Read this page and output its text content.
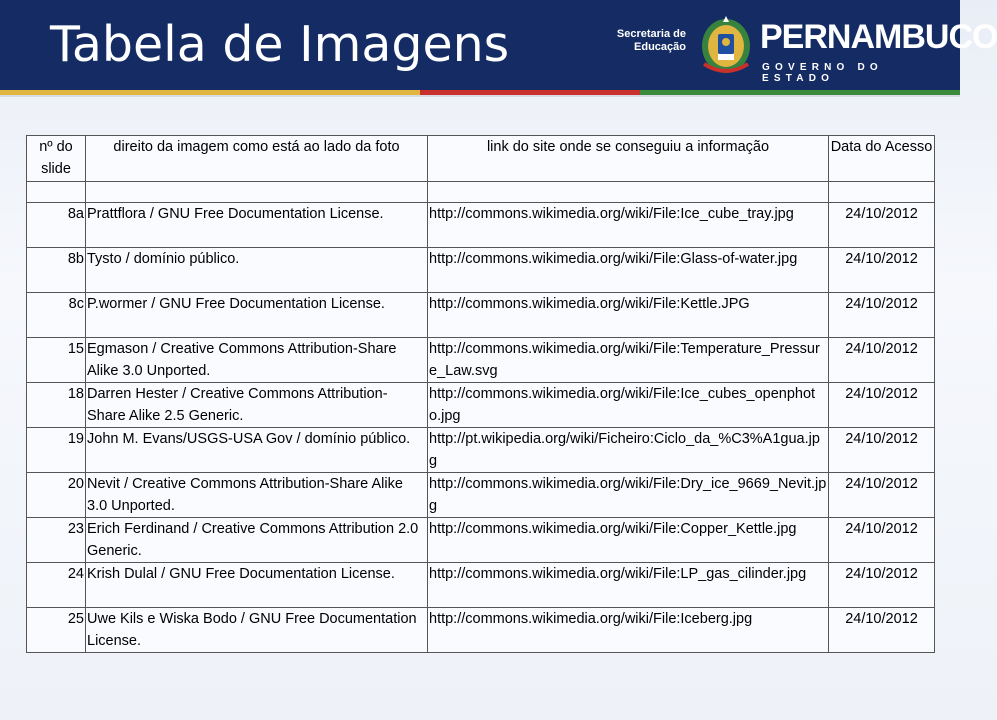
Tabela de Imagens	Secretaria de
Educação PERNAMBUCO
GOVERNO DO ESTADO
nº do slide	direito da imagem como está ao lado da foto	link do site onde se conseguiu a informação	Data do Acesso

8a	Prattflora / GNU Free Documentation License.	http://commons.wikimedia.org/wiki/File:Ice_cube_tray.jpg	24/10/2012
8b	Tysto / domínio público.	http://commons.wikimedia.org/wiki/File:Glass-of-water.jpg	24/10/2012
8c	P.wormer / GNU Free Documentation License.	http://commons.wikimedia.org/wiki/File:Kettle.JPG	24/10/2012
15	Egmason / Creative Commons Attribution-Share Alike 3.0 Unported.	http://commons.wikimedia.org/wiki/File:Temperature_Pressure_Law.svg	24/10/2012
18	Darren Hester / Creative Commons Attribution-Share Alike 2.5 Generic.	http://commons.wikimedia.org/wiki/File:Ice_cubes_openphoto.jpg	24/10/2012
19	John M. Evans/USGS-USA Gov / domínio público.	http://pt.wikipedia.org/wiki/Ficheiro:Ciclo_da_%C3%A1gua.jpg	24/10/2012
20	Nevit / Creative Commons Attribution-Share Alike 3.0 Unported.	http://commons.wikimedia.org/wiki/File:Dry_ice_9669_Nevit.jpg	24/10/2012
23	Erich Ferdinand / Creative Commons Attribution 2.0 Generic.	http://commons.wikimedia.org/wiki/File:Copper_Kettle.jpg	24/10/2012
24	Krish Dulal / GNU Free Documentation License.	http://commons.wikimedia.org/wiki/File:LP_gas_cilinder.jpg	24/10/2012
25	Uwe Kils e Wiska Bodo / GNU Free Documentation License.	http://commons.wikimedia.org/wiki/File:Iceberg.jpg	24/10/2012
